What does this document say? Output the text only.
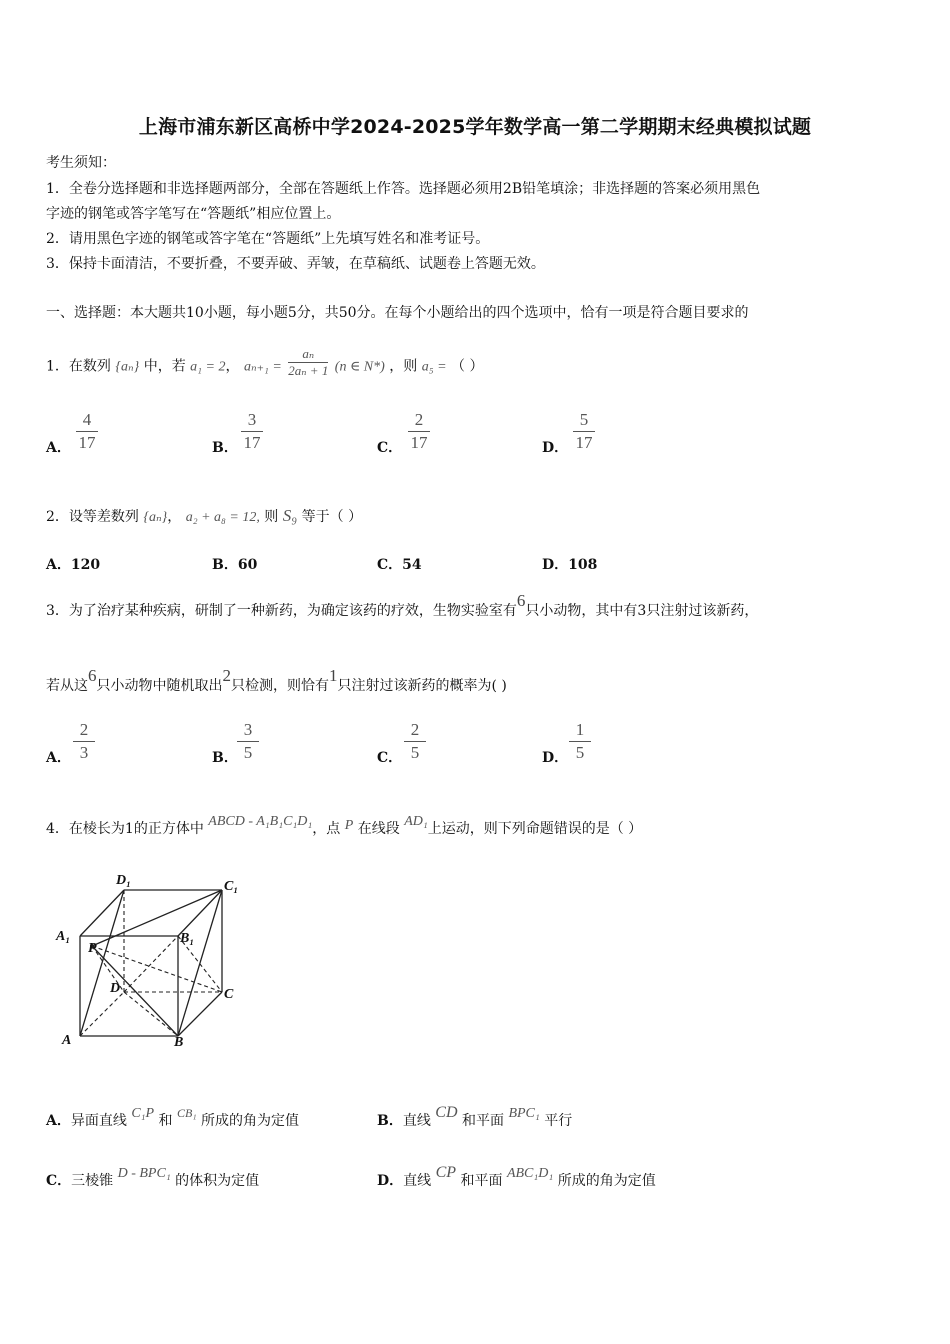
上海市浦东新区高桥中学2024-2025学年数学高一第二学期期末经典模拟试题
考生须知：
1．全卷分选择题和非选择题两部分，全部在答题纸上作答。选择题必须用2B铅笔填涂；非选择题的答案必须用黑色
字迹的钢笔或答字笔写在“答题纸”相应位置上。
2．请用黑色字迹的钢笔或答字笔在“答题纸”上先填写姓名和准考证号。
3．保持卡面清洁，不要折叠，不要弄破、弄皱，在草稿纸、试题卷上答题无效。
一、选择题：本大题共10小题，每小题5分，共50分。在每个小题给出的四个选项中，恰有一项是符合题目要求的
1．在数列 {aₙ} 中，若 a₁ = 2， $a_{n+1} = \frac{\text{aₙ}}{\text{2aₙ + 1}} (n$ ∈ N*) ，则 a₅ = （ ）
A．
4
17	B．
3
17	C．
2
17	D．
5
17
2．设等差数列 {aₙ}， a₂ + a₈ = 12, 则 S₉ 等于（ ）
A．120	B．60	C．54	D．108
3．为了治疗某种疾病，研制了一种新药，为确定该药的疗效，生物实验室有6只小动物，其中有3只注射过该新药，
若从这6只小动物中随机取出2只检测，则恰有1只注射过该新药的概率为( )
A．
2
3	B．
3
5	C．
2
5	D．
1
5
4．在棱长为1的正方体中 ABCD - A₁B₁C₁D₁，点 P 在线段 AD₁上运动，则下列命题错误的是（ ）
D₁	C₁
A₁	B₁
P
D	C
A	B
A．异面直线 C₁P 和 CB₁ 所成的角为定值	B．直线 CD 和平面 BPC₁ 平行
C．三棱锥 D - BPC₁ 的体积为定值	D．直线 CP 和平面 ABC₁D₁ 所成的角为定值
